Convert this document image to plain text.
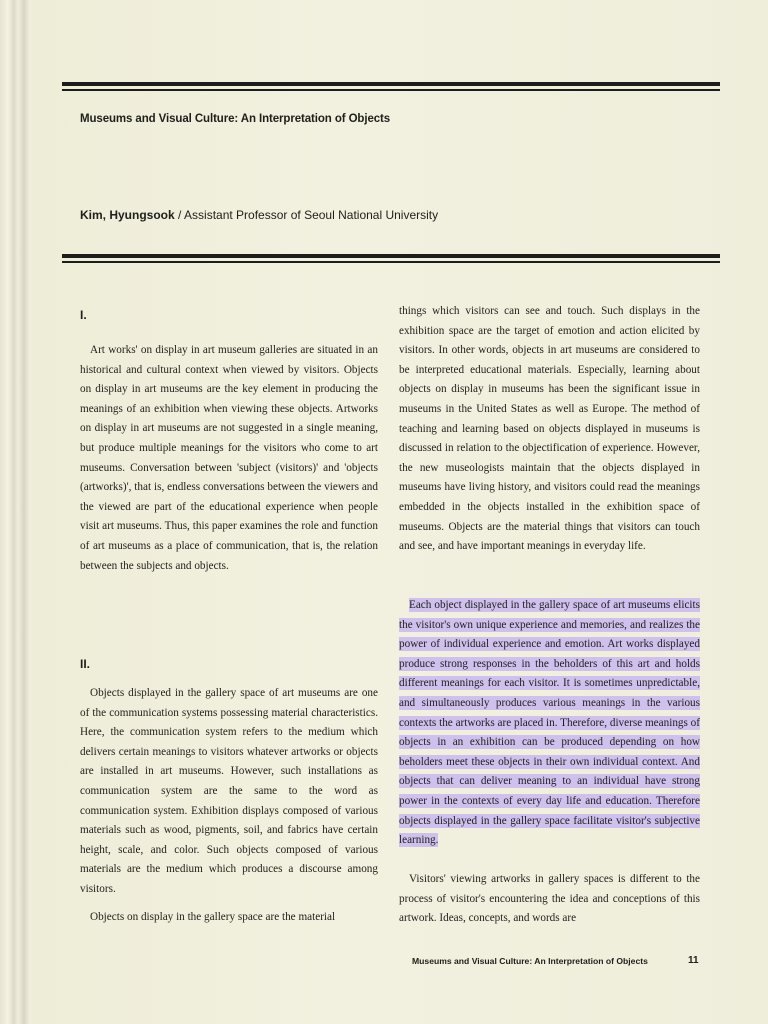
Museums and Visual Culture: An Interpretation of Objects
Kim, Hyungsook / Assistant Professor of Seoul National University
I.

Art works' on display in art museum galleries are situated in an historical and cultural context when viewed by visitors. Objects on display in art museums are the key element in producing the meanings of an exhibition when viewing these objects. Artworks on display in art museums are not suggested in a single meaning, but produce multiple meanings for the visitors who come to art museums. Conversation between 'subject (visitors)' and 'objects (artworks)', that is, endless conversations between the viewers and the viewed are part of the educational experience when people visit art museums. Thus, this paper examines the role and function of art museums as a place of communication, that is, the relation between the subjects and objects.

II.

Objects displayed in the gallery space of art museums are one of the communication systems possessing material characteristics. Here, the communication system refers to the medium which delivers certain meanings to visitors whatever artworks or objects are installed in art museums. However, such installations as communication system are the same to the word as communication system. Exhibition displays composed of various materials such as wood, pigments, soil, and fabrics have certain height, scale, and color. Such objects composed of various materials are the medium which produces a discourse among visitors.

Objects on display in the gallery space are the material

things which visitors can see and touch. Such displays in the exhibition space are the target of emotion and action elicited by visitors. In other words, objects in art museums are considered to be interpreted educational materials. Especially, learning about objects on display in museums has been the significant issue in museums in the United States as well as Europe. The method of teaching and learning based on objects displayed in museums is discussed in relation to the objectification of experience. However, the new museologists maintain that the objects displayed in museums have living history, and visitors could read the meanings embedded in the objects installed in the exhibition space of museums. Objects are the material things that visitors can touch and see, and have important meanings in everyday life.

Each object displayed in the gallery space of art museums elicits the visitor's own unique experience and memories, and realizes the power of individual experience and emotion. Art works displayed produce strong responses in the beholders of this art and holds different meanings for each visitor. It is sometimes unpredictable, and simultaneously produces various meanings in the various contexts the artworks are placed in. Therefore, diverse meanings of objects in an exhibition can be produced depending on how beholders meet these objects in their own individual context. And objects that can deliver meaning to an individual have strong power in the contexts of every day life and education. Therefore objects displayed in the gallery space facilitate visitor's subjective learning.

Visitors' viewing artworks in gallery spaces is different to the process of visitor's encountering the idea and conceptions of this artwork. Ideas, concepts, and words are

Museums and Visual Culture: An Interpretation of Objects	11
